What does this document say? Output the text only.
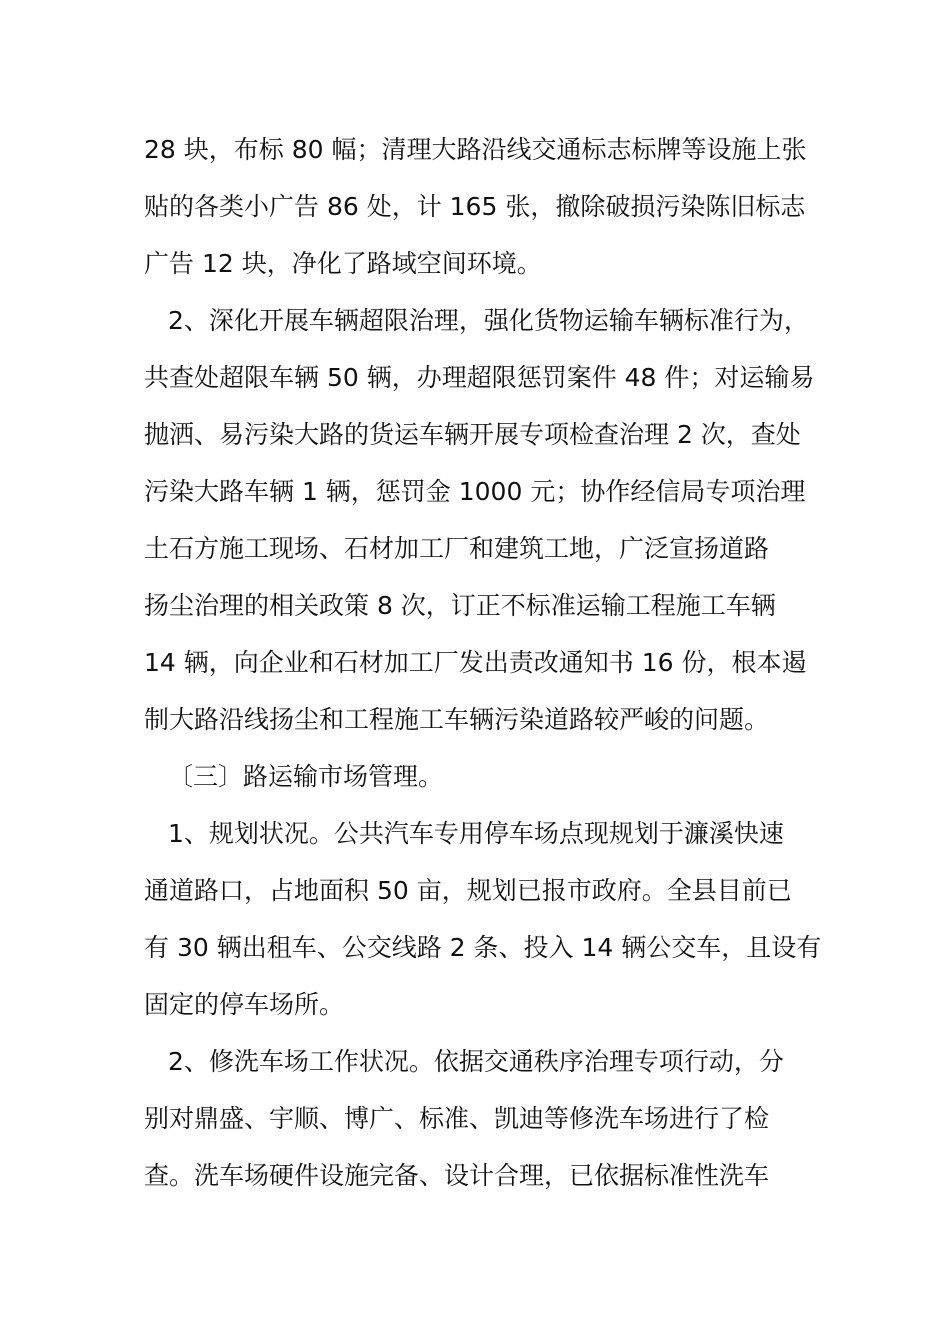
28 块，布标 80 幅；清理大路沿线交通标志标牌等设施上张
贴的各类小广告 86 处，计 165 张，撤除破损污染陈旧标志
广告 12 块，净化了路域空间环境。
2、深化开展车辆超限治理，强化货物运输车辆标准行为，
共查处超限车辆 50 辆，办理超限惩罚案件 48 件；对运输易
抛洒、易污染大路的货运车辆开展专项检查治理 2 次，查处
污染大路车辆 1 辆，惩罚金 1000 元；协作经信局专项治理
土石方施工现场、石材加工厂和建筑工地，广泛宣扬道路
扬尘治理的相关政策 8 次，订正不标准运输工程施工车辆
14 辆，向企业和石材加工厂发出责改通知书 16 份，根本遏
制大路沿线扬尘和工程施工车辆污染道路较严峻的问题。
〔三〕路运输市场管理。
1、规划状况。公共汽车专用停车场点现规划于濂溪快速
通道路口，占地面积 50 亩，规划已报市政府。全县目前已
有 30 辆出租车、公交线路 2 条、投入 14 辆公交车，且设有
固定的停车场所。
2、修洗车场工作状况。依据交通秩序治理专项行动，分
别对鼎盛、宇顺、博广、标准、凯迪等修洗车场进行了检
查。洗车场硬件设施完备、设计合理，已依据标准性洗车
